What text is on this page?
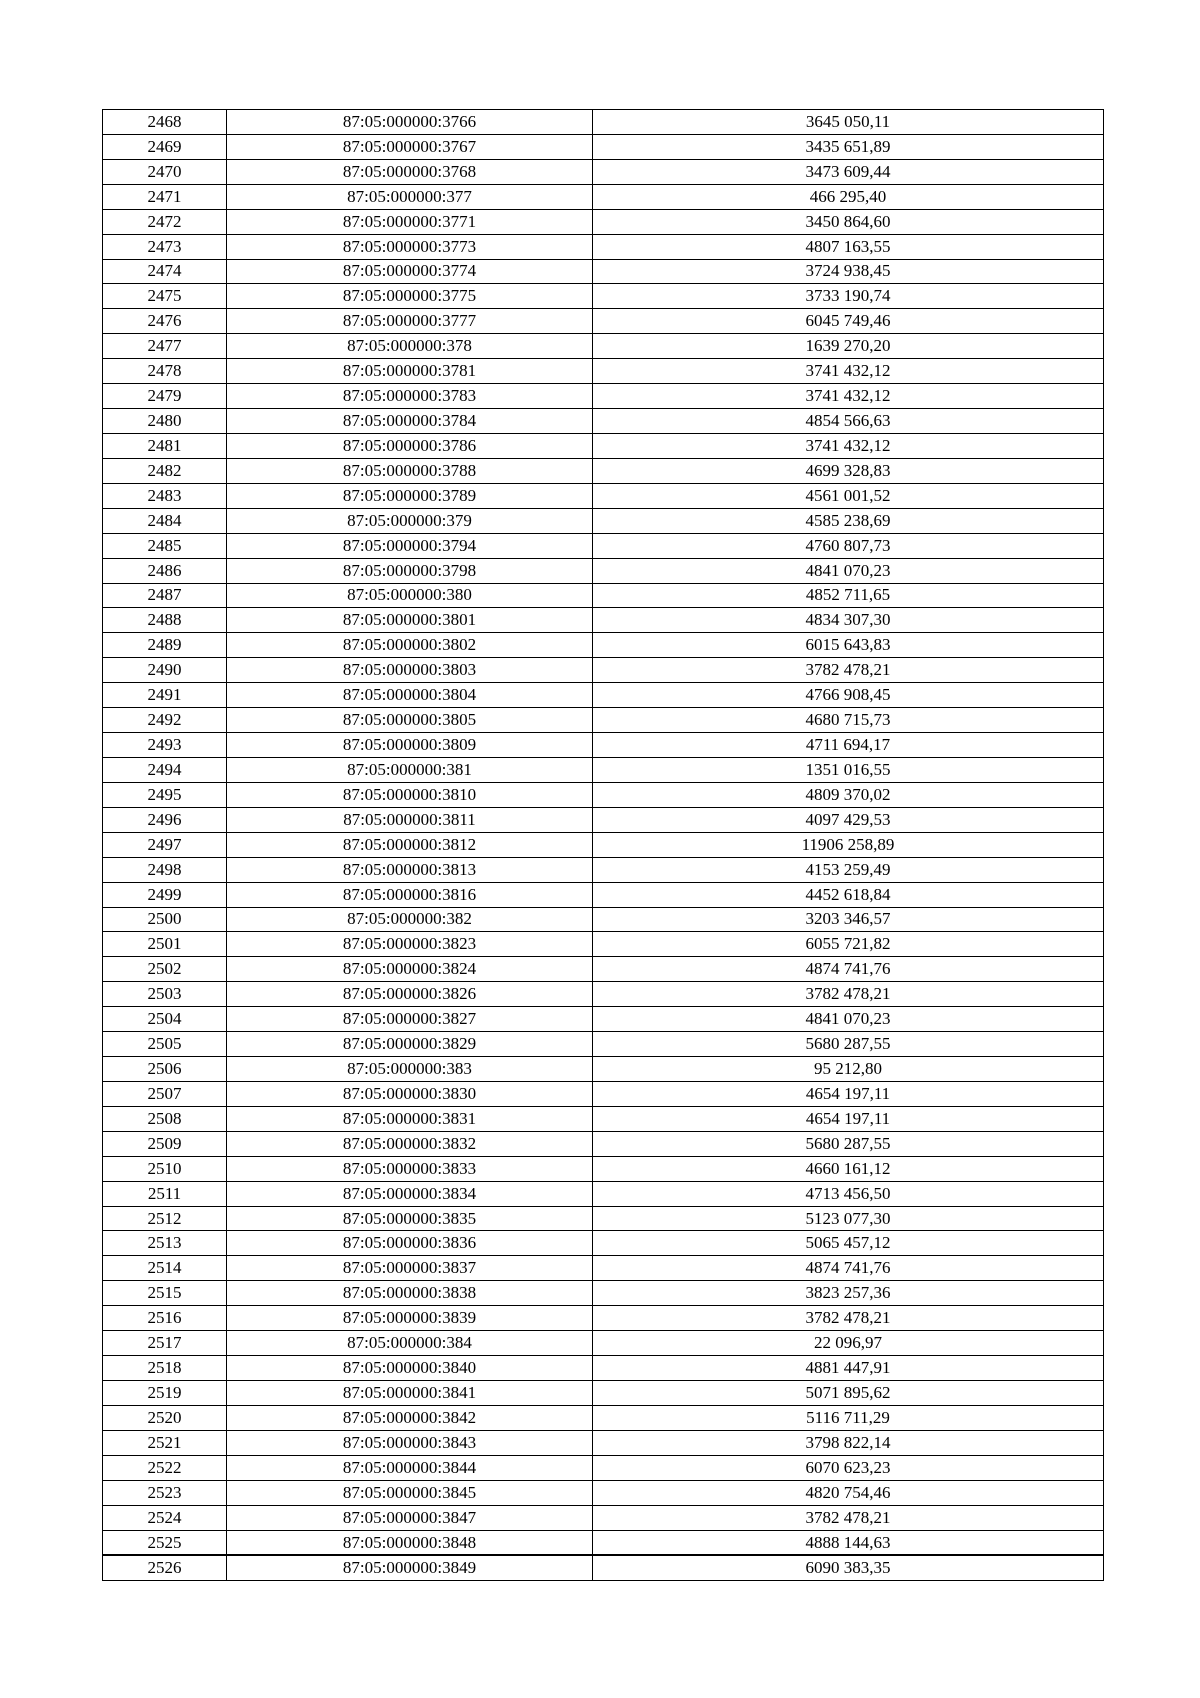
2468	87:05:000000:3766	3645 050,11
2469	87:05:000000:3767	3435 651,89
2470	87:05:000000:3768	3473 609,44
2471	87:05:000000:377	466 295,40
2472	87:05:000000:3771	3450 864,60
2473	87:05:000000:3773	4807 163,55
2474	87:05:000000:3774	3724 938,45
2475	87:05:000000:3775	3733 190,74
2476	87:05:000000:3777	6045 749,46
2477	87:05:000000:378	1639 270,20
2478	87:05:000000:3781	3741 432,12
2479	87:05:000000:3783	3741 432,12
2480	87:05:000000:3784	4854 566,63
2481	87:05:000000:3786	3741 432,12
2482	87:05:000000:3788	4699 328,83
2483	87:05:000000:3789	4561 001,52
2484	87:05:000000:379	4585 238,69
2485	87:05:000000:3794	4760 807,73
2486	87:05:000000:3798	4841 070,23
2487	87:05:000000:380	4852 711,65
2488	87:05:000000:3801	4834 307,30
2489	87:05:000000:3802	6015 643,83
2490	87:05:000000:3803	3782 478,21
2491	87:05:000000:3804	4766 908,45
2492	87:05:000000:3805	4680 715,73
2493	87:05:000000:3809	4711 694,17
2494	87:05:000000:381	1351 016,55
2495	87:05:000000:3810	4809 370,02
2496	87:05:000000:3811	4097 429,53
2497	87:05:000000:3812	11906 258,89
2498	87:05:000000:3813	4153 259,49
2499	87:05:000000:3816	4452 618,84
2500	87:05:000000:382	3203 346,57
2501	87:05:000000:3823	6055 721,82
2502	87:05:000000:3824	4874 741,76
2503	87:05:000000:3826	3782 478,21
2504	87:05:000000:3827	4841 070,23
2505	87:05:000000:3829	5680 287,55
2506	87:05:000000:383	95 212,80
2507	87:05:000000:3830	4654 197,11
2508	87:05:000000:3831	4654 197,11
2509	87:05:000000:3832	5680 287,55
2510	87:05:000000:3833	4660 161,12
2511	87:05:000000:3834	4713 456,50
2512	87:05:000000:3835	5123 077,30
2513	87:05:000000:3836	5065 457,12
2514	87:05:000000:3837	4874 741,76
2515	87:05:000000:3838	3823 257,36
2516	87:05:000000:3839	3782 478,21
2517	87:05:000000:384	22 096,97
2518	87:05:000000:3840	4881 447,91
2519	87:05:000000:3841	5071 895,62
2520	87:05:000000:3842	5116 711,29
2521	87:05:000000:3843	3798 822,14
2522	87:05:000000:3844	6070 623,23
2523	87:05:000000:3845	4820 754,46
2524	87:05:000000:3847	3782 478,21
2525	87:05:000000:3848	4888 144,63
2526	87:05:000000:3849	6090 383,35
